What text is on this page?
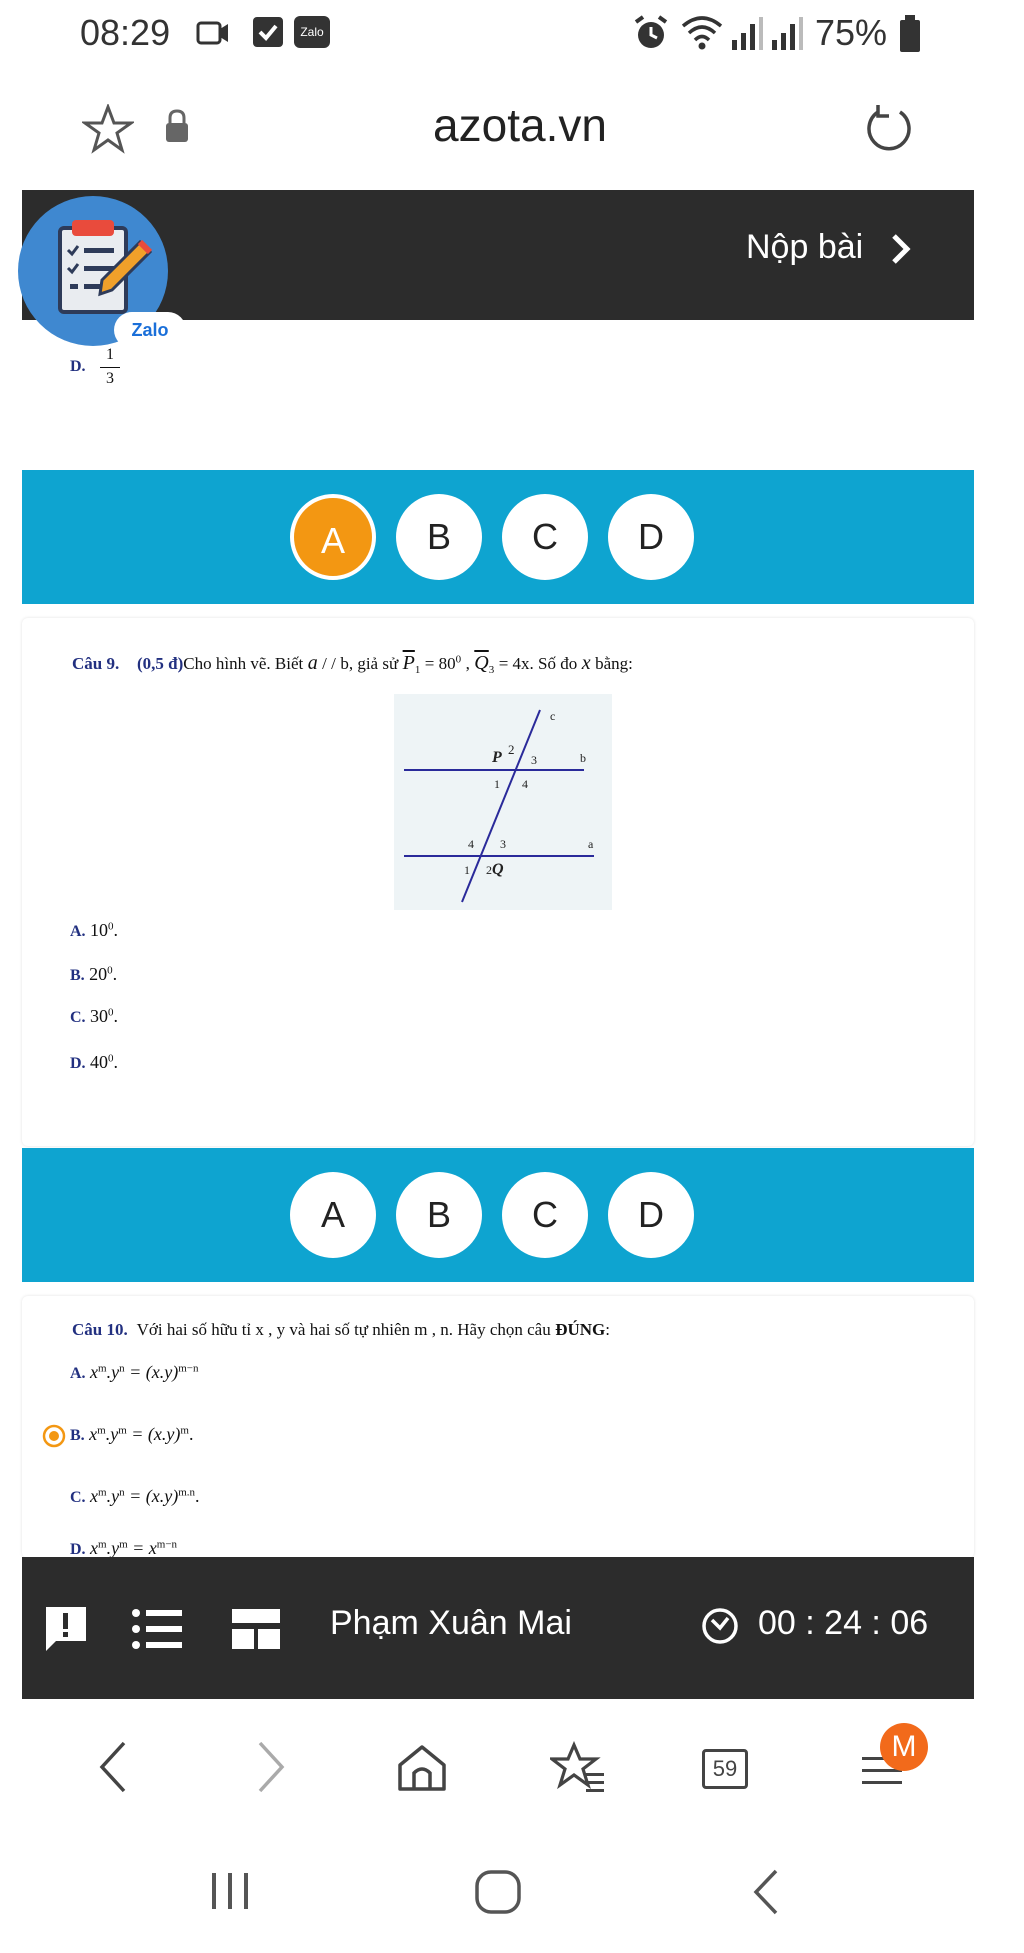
08:29	Zalo	75%
azota.vn
Nộp bài
Zalo
D.
1
3
A	B	C	D
Câu 9. (0,5 đ)Cho hình vẽ. Biết a / / b, giả sử $\overline{P}_1 = 80^0$ , $\overline{Q}_3 = 4x$. Số đo x bằng:
c
b
a
P 2
3
1 4
4 3
1 2 Q
A. $10^0$.
B. $20^0$.
C. $30^0$.
D. $40^0$.
A	B	C	D
Câu 10. Với hai số hữu tỉ x , y và hai số tự nhiên m , n. Hãy chọn câu ĐÚNG:
A. $x^m.y^n = (x.y)^{m-n}$
B. $x^m.y^m = (x.y)^m$.
C. $x^m.y^n = (x.y)^{m.n}$.
D. $x^m.y^m = x^{m-n}$
Phạm Xuân Mai	00 : 24 : 06
59
M
